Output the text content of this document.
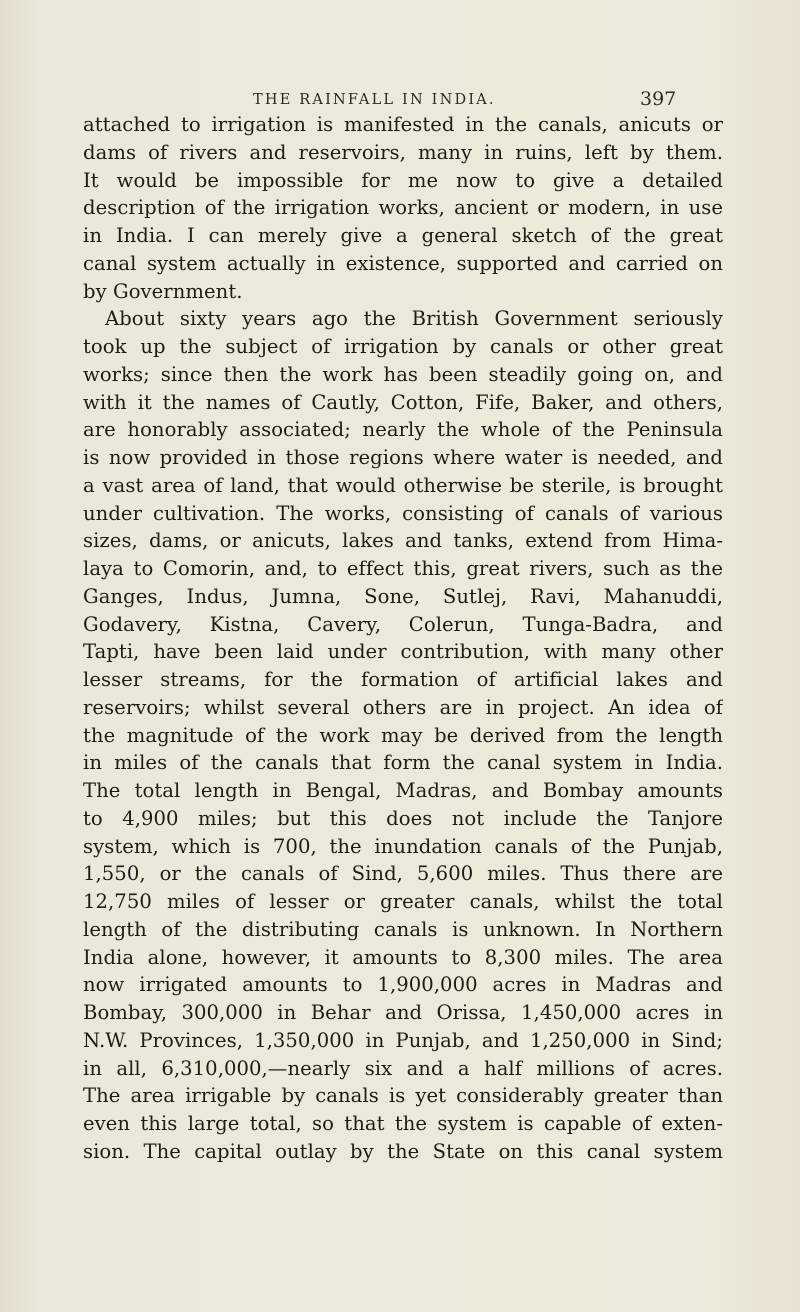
THE RAINFALL IN INDIA.	397
attached to irrigation is manifested in the canals, anicuts or
dams of rivers and reservoirs, many in ruins, left by them.
It would be impossible for me now to give a detailed
description of the irrigation works, ancient or modern, in use
in India. I can merely give a general sketch of the great
canal system actually in existence, supported and carried on
by Government.
About sixty years ago the British Government seriously
took up the subject of irrigation by canals or other great
works; since then the work has been steadily going on, and
with it the names of Cautly, Cotton, Fife, Baker, and others,
are honorably associated; nearly the whole of the Peninsula
is now provided in those regions where water is needed, and
a vast area of land, that would otherwise be sterile, is brought
under cultivation. The works, consisting of canals of various
sizes, dams, or anicuts, lakes and tanks, extend from Hima-
laya to Comorin, and, to effect this, great rivers, such as the
Ganges, Indus, Jumna, Sone, Sutlej, Ravi, Mahanuddi,
Godavery, Kistna, Cavery, Colerun, Tunga-Badra, and
Tapti, have been laid under contribution, with many other
lesser streams, for the formation of artificial lakes and
reservoirs; whilst several others are in project. An idea of
the magnitude of the work may be derived from the length
in miles of the canals that form the canal system in India.
The total length in Bengal, Madras, and Bombay amounts
to 4,900 miles; but this does not include the Tanjore
system, which is 700, the inundation canals of the Punjab,
1,550, or the canals of Sind, 5,600 miles. Thus there are
12,750 miles of lesser or greater canals, whilst the total
length of the distributing canals is unknown. In Northern
India alone, however, it amounts to 8,300 miles. The area
now irrigated amounts to 1,900,000 acres in Madras and
Bombay, 300,000 in Behar and Orissa, 1,450,000 acres in
N.W. Provinces, 1,350,000 in Punjab, and 1,250,000 in Sind;
in all, 6,310,000,—nearly six and a half millions of acres.
The area irrigable by canals is yet considerably greater than
even this large total, so that the system is capable of exten-
sion. The capital outlay by the State on this canal system
